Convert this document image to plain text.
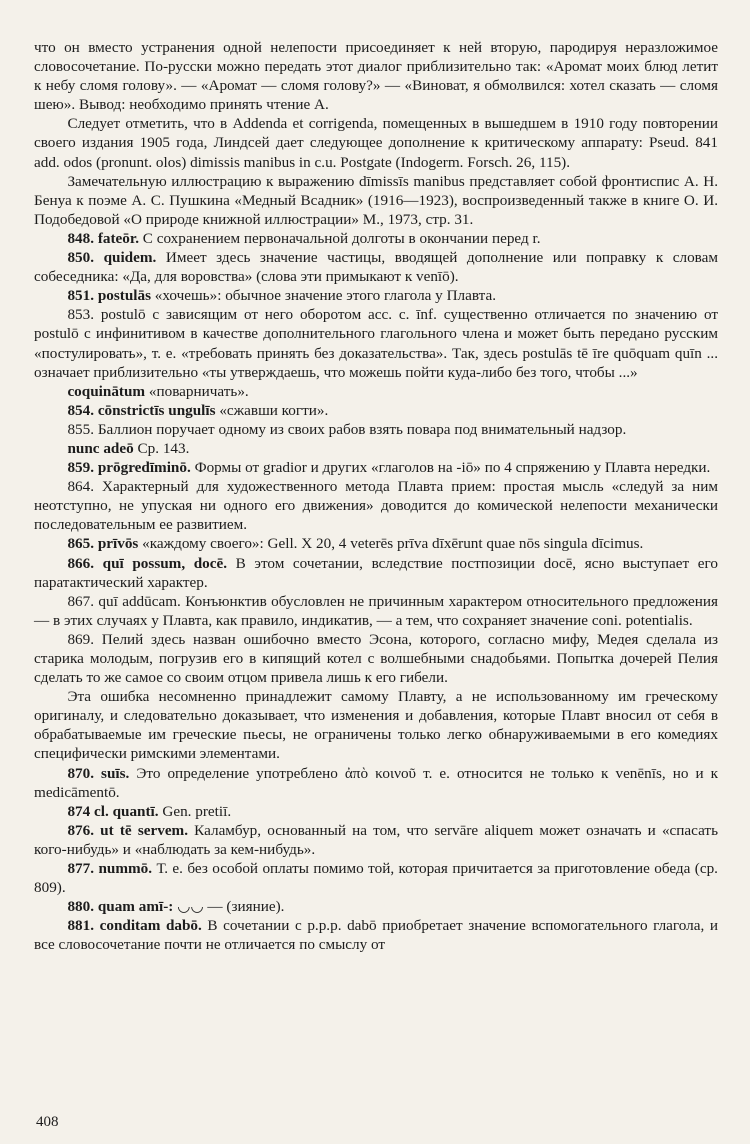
что он вместо устранения одной нелепости присоединяет к ней вторую, пародируя неразложимое словосочетание. По-русски можно передать этот диалог приблизительно так: «Аромат моих блюд летит к небу сломя голову». — «Аромат — сломя голову?» — «Виноват, я обмолвился: хотел сказать — сломя шею». Вывод: необходимо принять чтение A.

Следует отметить, что в Addenda et corrigenda, помещенных в вышедшем в 1910 году повторении своего издания 1905 года, Линдсей дает следующее дополнение к критическому аппарату: Pseud. 841 add. odos (pronunt. olos) dimissis manibus in c.u. Postgate (Indogerm. Forsch. 26, 115).

Замечательную иллюстрацию к выражению dīmissīs manibus представляет собой фронтиспис А. Н. Бенуа к поэме А. С. Пушкина «Медный Всадник» (1916—1923), воспроизведенный также в книге О. И. Подобедовой «О природе книжной иллюстрации» М., 1973, стр. 31.

848. fateōr. С сохранением первоначальной долготы в окончании перед r.

850. quidem. Имеет здесь значение частицы, вводящей дополнение или поправку к словам собеседника: «Да, для воровства» (слова эти примыкают к venīō).

851. postulās «хочешь»: обычное значение этого глагола у Плавта.

853. postulō с зависящим от него оборотом acc. c. īnf. существенно отличается по значению от postulō с инфинитивом в качестве дополнительного глагольного члена и может быть передано русским «постулировать», т. е. «требовать принять без доказательства». Так, здесь postulās tē īre quōquam quīn ... означает приблизительно «ты утверждаешь, что можешь пойти куда-либо без того, чтобы ...»

coquinātum «поварничать».

854. cōnstrictīs ungulīs «сжавши когти».

855. Баллион поручает одному из своих рабов взять повара под внимательный надзор.

nunc adeō Ср. 143.

859. prōgredīminō. Формы от gradior и других «глаголов на -iō» по 4 спряжению у Плавта нередки.

864. Характерный для художественного метода Плавта прием: простая мысль «следуй за ним неотступно, не упуская ни одного его движения» доводится до комической нелепости механически последовательным ее развитием.

865. prīvōs «каждому своего»: Gell. X 20, 4 veterēs prīva dīxērunt quae nōs singula dīcimus.

866. quī possum, docē. В этом сочетании, вследствие постпозиции docē, ясно выступает его паратактический характер.

867. quī addūcam. Конъюнктив обусловлен не причинным характером относительного предложения — в этих случаях у Плавта, как правило, индикатив, — а тем, что сохраняет значение coni. potentialis.

869. Пелий здесь назван ошибочно вместо Эсона, которого, согласно мифу, Медея сделала из старика молодым, погрузив его в кипящий котел с волшебными снадобьями. Попытка дочерей Пелия сделать то же самое со своим отцом привела лишь к его гибели.

Эта ошибка несомненно принадлежит самому Плавту, а не использованному им греческому оригиналу, и следовательно доказывает, что изменения и добавления, которые Плавт вносил от себя в обрабатываемые им греческие пьесы, не ограничены только легко обнаруживаемыми в его комедиях специфически римскими элементами.

870. suīs. Это определение употреблено ἀπὸ κοινοῦ т. е. относится не только к venēnīs, но и к medicāmentō.

874 cl. quantī. Gen. pretiī.

876. ut tē servem. Каламбур, основанный на том, что servāre aliquem может означать и «спасать кого-нибудь» и «наблюдать за кем-нибудь».

877. nummō. Т. е. без особой оплаты помимо той, которая причитается за приготовление обеда (ср. 809).

880. quam amī-: ◡◡ — (зияние).

881. conditam dabō. В сочетании с p.p.p. dabō приобретает значение вспомогательного глагола, и все словосочетание почти не отличается по смыслу от

408
